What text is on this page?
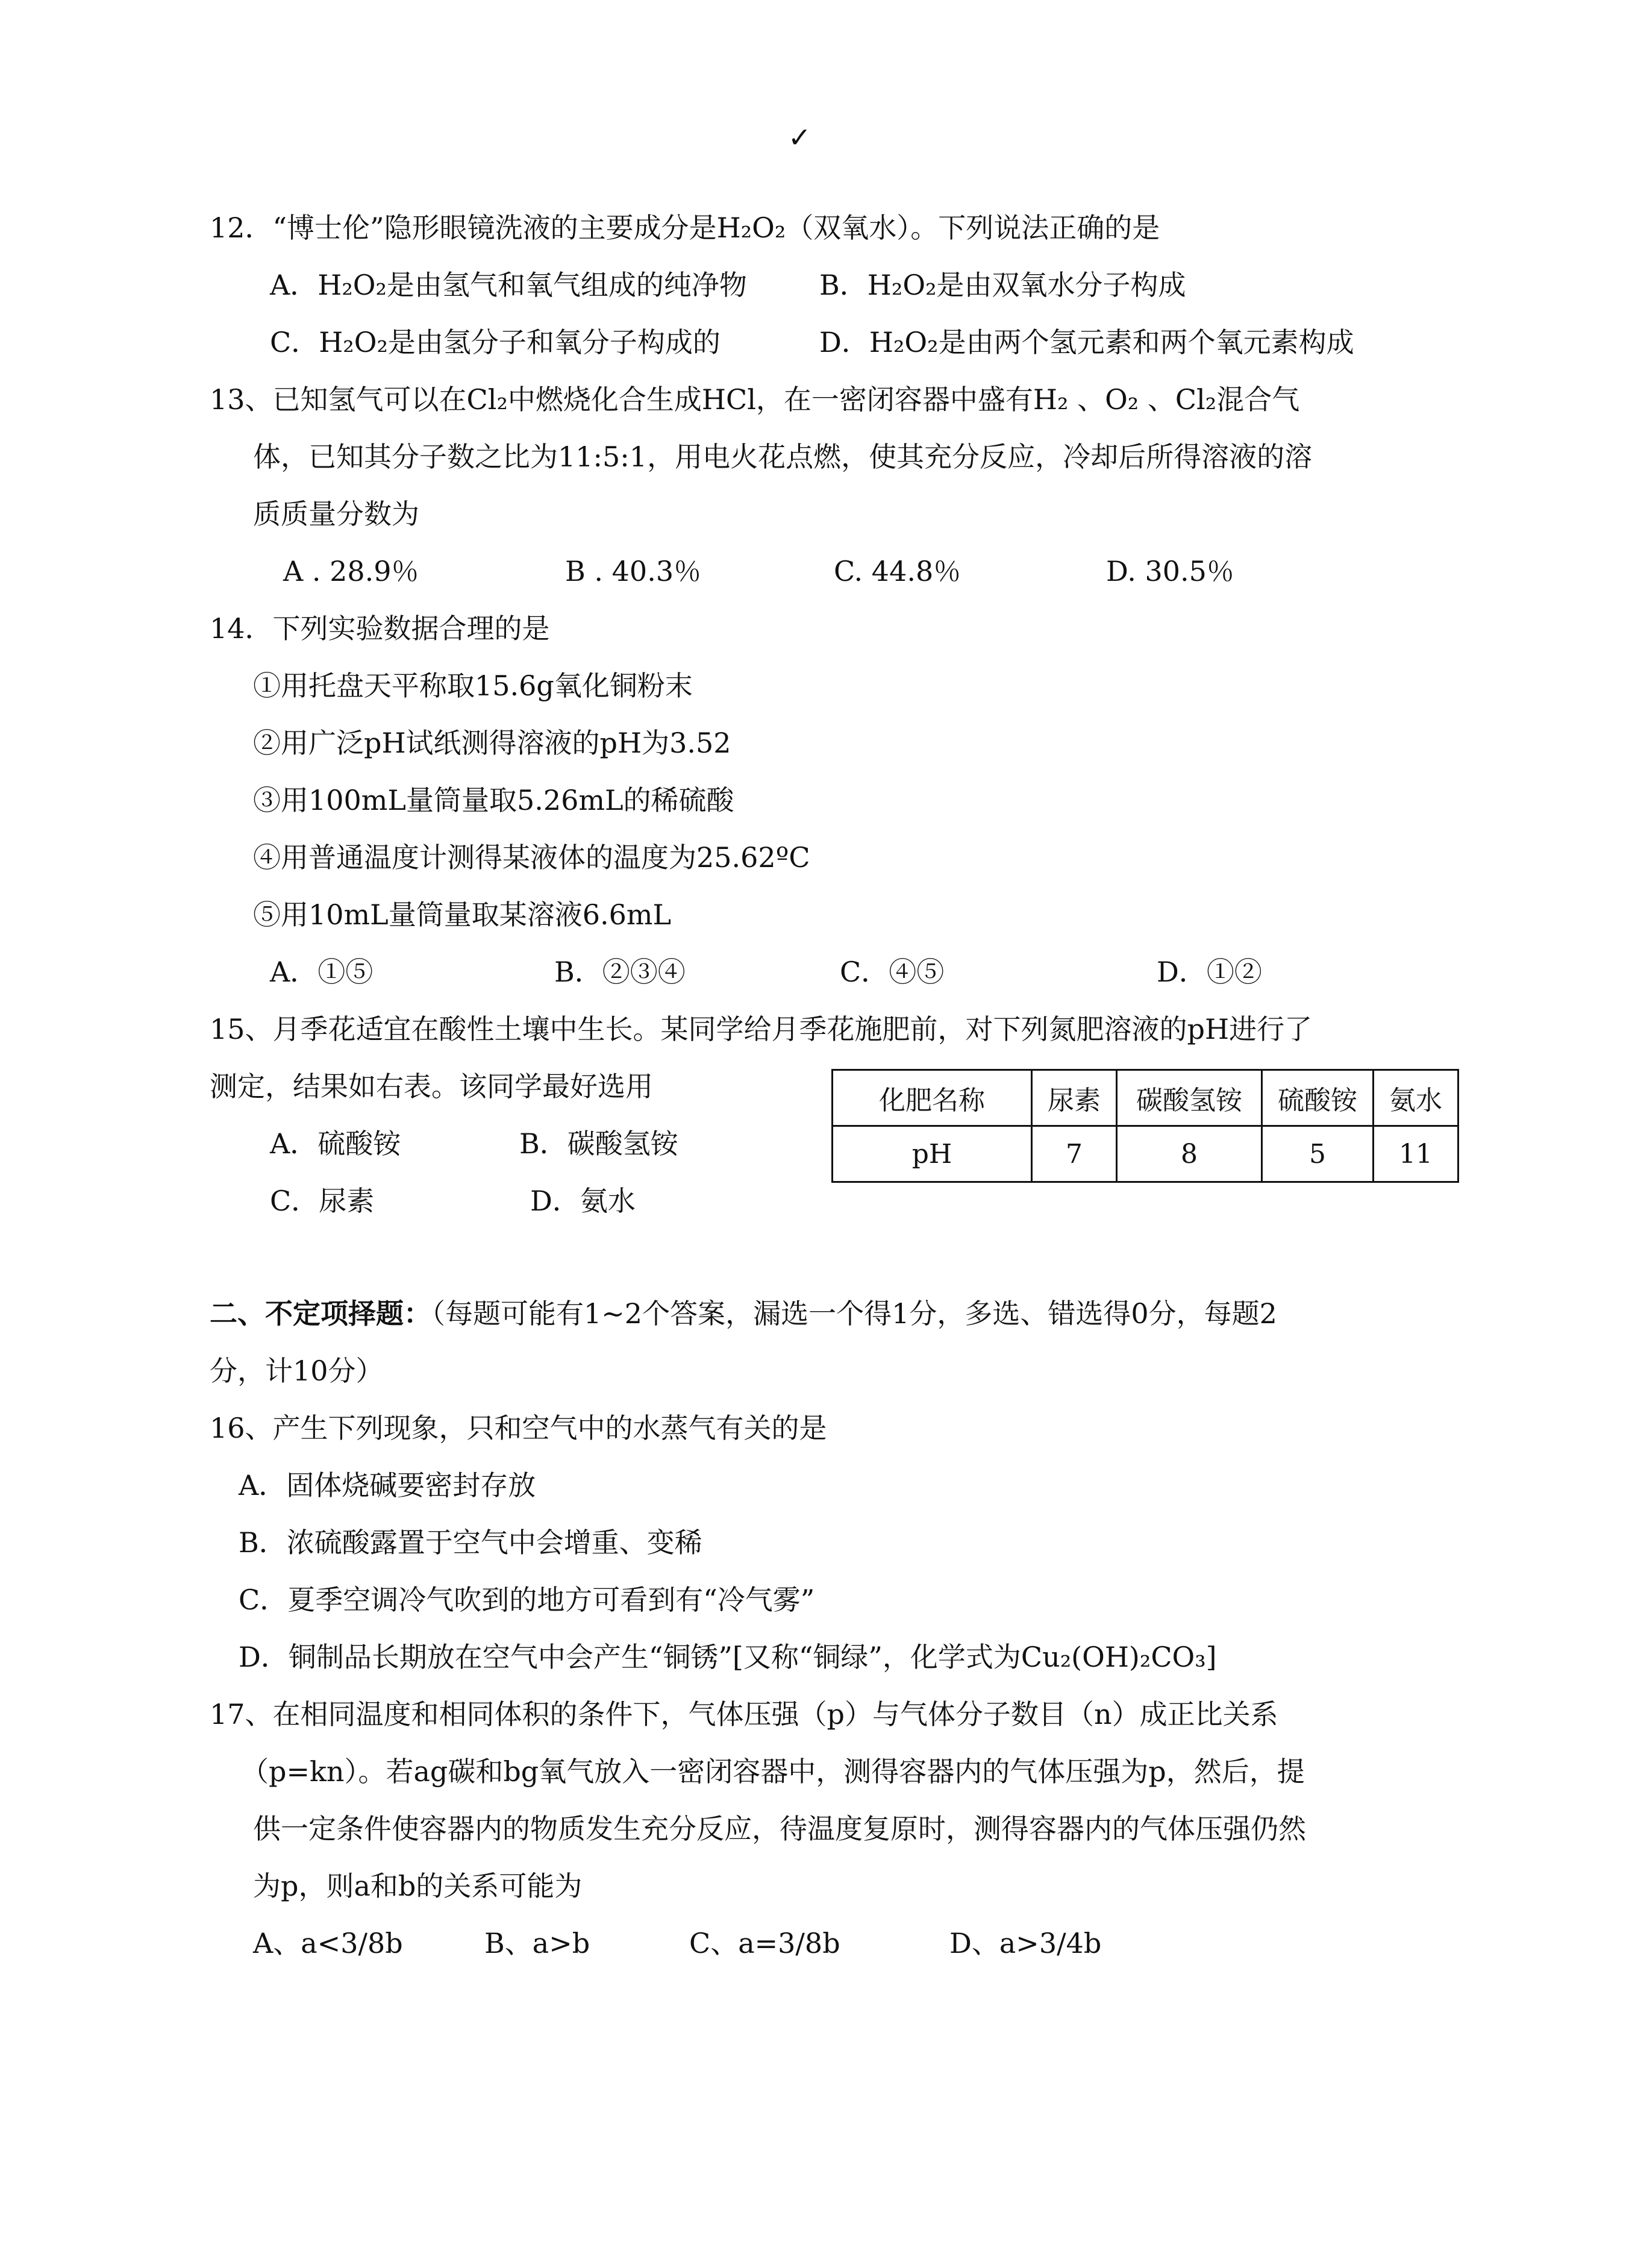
✓
12．“博士伦”隐形眼镜洗液的主要成分是H₂O₂（双氧水）。下列说法正确的是
A．H₂O₂是由氢气和氧气组成的纯净物	B．H₂O₂是由双氧水分子构成
C．H₂O₂是由氢分子和氧分子构成的	D．H₂O₂是由两个氢元素和两个氧元素构成
13、已知氢气可以在Cl₂中燃烧化合生成HCl，在一密闭容器中盛有H₂ 、O₂ 、Cl₂混合气
体，已知其分子数之比为11:5:1，用电火花点燃，使其充分反应，冷却后所得溶液的溶
质质量分数为
A . 28.9％	B . 40.3％	C. 44.8％	D. 30.5％
14．下列实验数据合理的是
①用托盘天平称取15.6g氧化铜粉末
②用广泛pH试纸测得溶液的pH为3.52
③用100mL量筒量取5.26mL的稀硫酸
④用普通温度计测得某液体的温度为25.62ºC
⑤用10mL量筒量取某溶液6.6mL
A．①⑤	B．②③④	C．④⑤	D．①②
15、月季花适宜在酸性土壤中生长。某同学给月季花施肥前，对下列氮肥溶液的pH进行了
测定，结果如右表。该同学最好选用
A．硫酸铵	B．碳酸氢铵
C．尿素	D．氨水
化肥名称	尿素	碳酸氢铵	硫酸铵	氨水
pH	7	8	5	11
二、不定项择题：（每题可能有1~2个答案，漏选一个得1分，多选、错选得0分，每题2
分，计10分）
16、产生下列现象，只和空气中的水蒸气有关的是
A．固体烧碱要密封存放
B．浓硫酸露置于空气中会增重、变稀
C．夏季空调冷气吹到的地方可看到有“冷气雾”
D．铜制品长期放在空气中会产生“铜锈”[又称“铜绿”，化学式为Cu₂(OH)₂CO₃]
17、在相同温度和相同体积的条件下，气体压强（p）与气体分子数目（n）成正比关系
（p=kn）。若ag碳和bg氧气放入一密闭容器中，测得容器内的气体压强为p，然后，提
供一定条件使容器内的物质发生充分反应，待温度复原时，测得容器内的气体压强仍然
为p，则a和b的关系可能为
A、a<3/8b	B、a>b	C、a=3/8b	D、a>3/4b
